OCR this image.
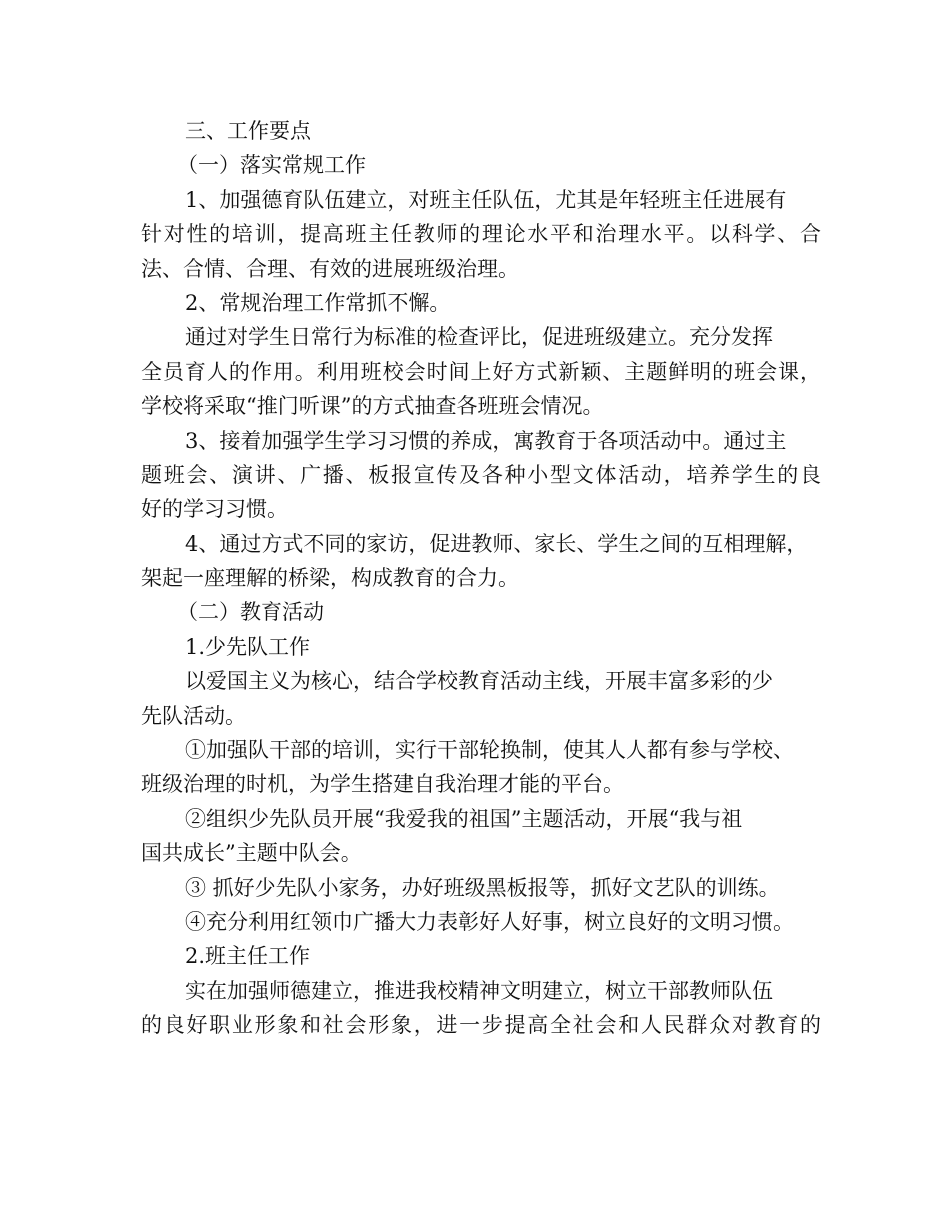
三、工作要点
（一）落实常规工作
1、加强德育队伍建立，对班主任队伍，尤其是年轻班主任进展有
针对性的培训，提高班主任教师的理论水平和治理水平。以科学、合
法、合情、合理、有效的进展班级治理。
2、常规治理工作常抓不懈。
通过对学生日常行为标准的检查评比，促进班级建立。充分发挥
全员育人的作用。利用班校会时间上好方式新颖、主题鲜明的班会课，
学校将采取“推门听课”的方式抽查各班班会情况。
3、接着加强学生学习习惯的养成，寓教育于各项活动中。通过主
题班会、演讲、广播、板报宣传及各种小型文体活动，培养学生的良
好的学习习惯。
4、通过方式不同的家访，促进教师、家长、学生之间的互相理解，
架起一座理解的桥梁，构成教育的合力。
（二）教育活动
1.少先队工作
以爱国主义为核心，结合学校教育活动主线，开展丰富多彩的少
先队活动。
①加强队干部的培训，实行干部轮换制，使其人人都有参与学校、
班级治理的时机，为学生搭建自我治理才能的平台。
②组织少先队员开展“我爱我的祖国”主题活动，开展“我与祖
国共成长”主题中队会。
③ 抓好少先队小家务，办好班级黑板报等，抓好文艺队的训练。
④充分利用红领巾广播大力表彰好人好事，树立良好的文明习惯。
2.班主任工作
实在加强师德建立，推进我校精神文明建立，树立干部教师队伍
的良好职业形象和社会形象，进一步提高全社会和人民群众对教育的
